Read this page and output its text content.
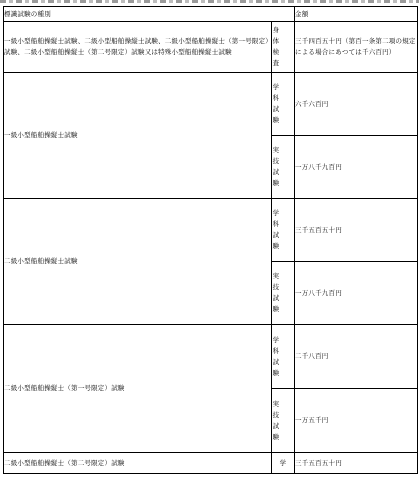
標識試験の種別		金額
一級小型船舶操縦士試験、二級小型船舶操縦士試験、二級小型船舶操縦士（第一号限定）試験、二級小型船舶操縦士（第二号限定）試験又は特殊小型船舶操縦士試験	身体検査	三千四百五十円（第百一条第二項の規定による場合にあつては千六百円）
一級小型船舶操縦士試験	学科試験	六千六百円

	実技試験	一万八千九百円
二級小型船舶操縦士試験	学科試験	三千五百五十円

	実技試験	一万八千九百円
二級小型船舶操縦士（第一号限定）試験	学科試験	二千八百円

	実技試験	一万五千円
二級小型船舶操縦士（第二号限定）試験	学	三千五百五十円
